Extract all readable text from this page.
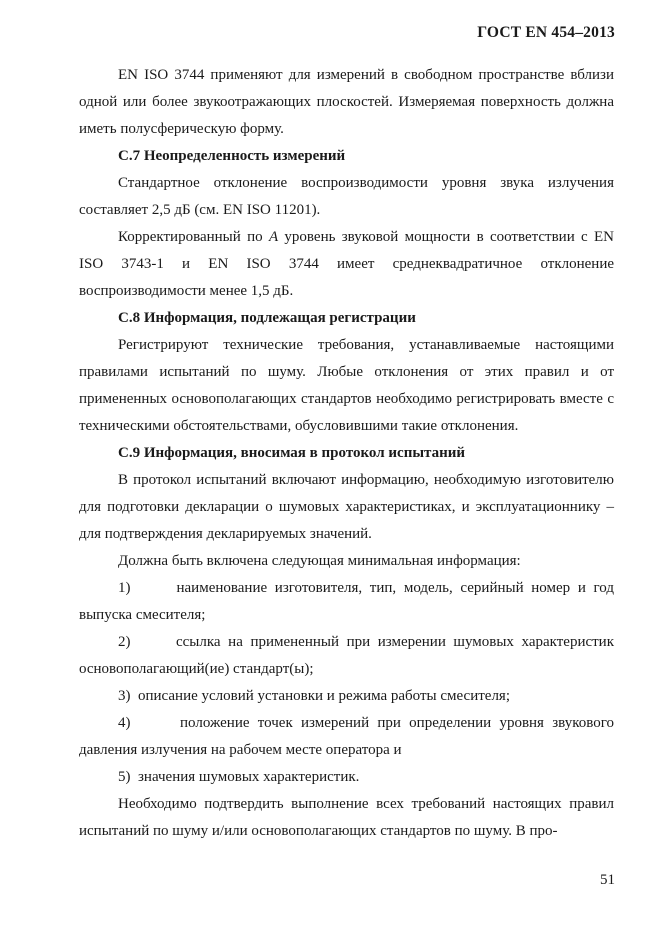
ГОСТ EN 454–2013

EN ISO 3744 применяют для измерений в свободном пространстве вблизи одной или более звукоотражающих плоскостей. Измеряемая поверхность должна иметь полусферическую форму.

С.7 Неопределенность измерений

Стандартное отклонение воспроизводимости уровня звука излучения составляет 2,5 дБ (см. EN ISO 11201).

Корректированный по A уровень звуковой мощности в соответствии с EN ISO 3743-1 и EN ISO 3744 имеет среднеквадратичное отклонение воспроизводимости менее 1,5 дБ.

С.8 Информация, подлежащая регистрации

Регистрируют технические требования, устанавливаемые настоящими правилами испытаний по шуму. Любые отклонения от этих правил и от примененных основополагающих стандартов необходимо регистрировать вместе с техническими обстоятельствами, обусловившими такие отклонения.

С.9 Информация, вносимая в протокол испытаний

В протокол испытаний включают информацию, необходимую изготовителю для подготовки декларации о шумовых характеристиках, и эксплуатационнику – для подтверждения декларируемых значений.

Должна быть включена следующая минимальная информация:

1)      наименование изготовителя, тип, модель, серийный номер и год выпуска смесителя;

2)      ссылка на примененный при измерении шумовых характеристик основополагающий(ие) стандарт(ы);

3)  описание условий установки и режима работы смесителя;

4)      положение точек измерений при определении уровня звукового давления излучения на рабочем месте оператора и

5)  значения шумовых характеристик.

Необходимо подтвердить выполнение всех требований настоящих правил испытаний по шуму и/или основополагающих стандартов по шуму. В про-

51
